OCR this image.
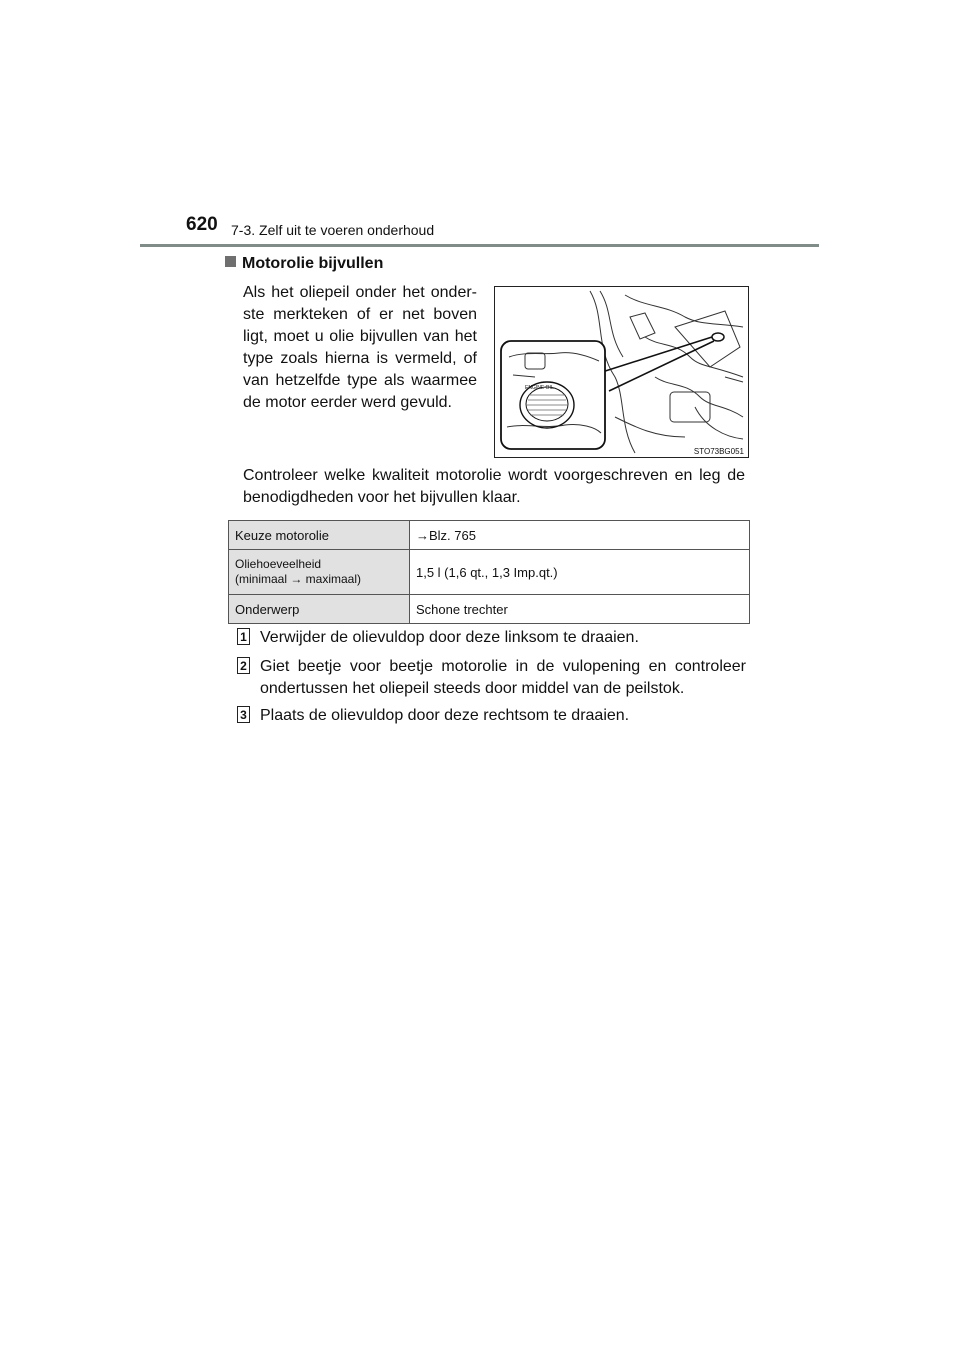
620 7-3. Zelf uit te voeren onderhoud
Motorolie bijvullen
Als het oliepeil onder het onder-ste merkteken of er net boven ligt, moet u olie bijvullen van het type zoals hierna is vermeld, of van hetzelfde type als waarmee de motor eerder werd gevuld.
ENGINE OIL
STO73BG051
Controleer welke kwaliteit motorolie wordt voorgeschreven en leg de benodigdheden voor het bijvullen klaar.
Keuze motorolie	→Blz. 765

Oliehoeveelheid
(minimaal → maximaal)	1,5 l (1,6 qt., 1,3 Imp.qt.)
Onderwerp	Schone trechter
1 Verwijder de olievuldop door deze linksom te draaien.
2 Giet beetje voor beetje motorolie in de vulopening en controleer ondertussen het oliepeil steeds door middel van de peilstok.
3 Plaats de olievuldop door deze rechtsom te draaien.
